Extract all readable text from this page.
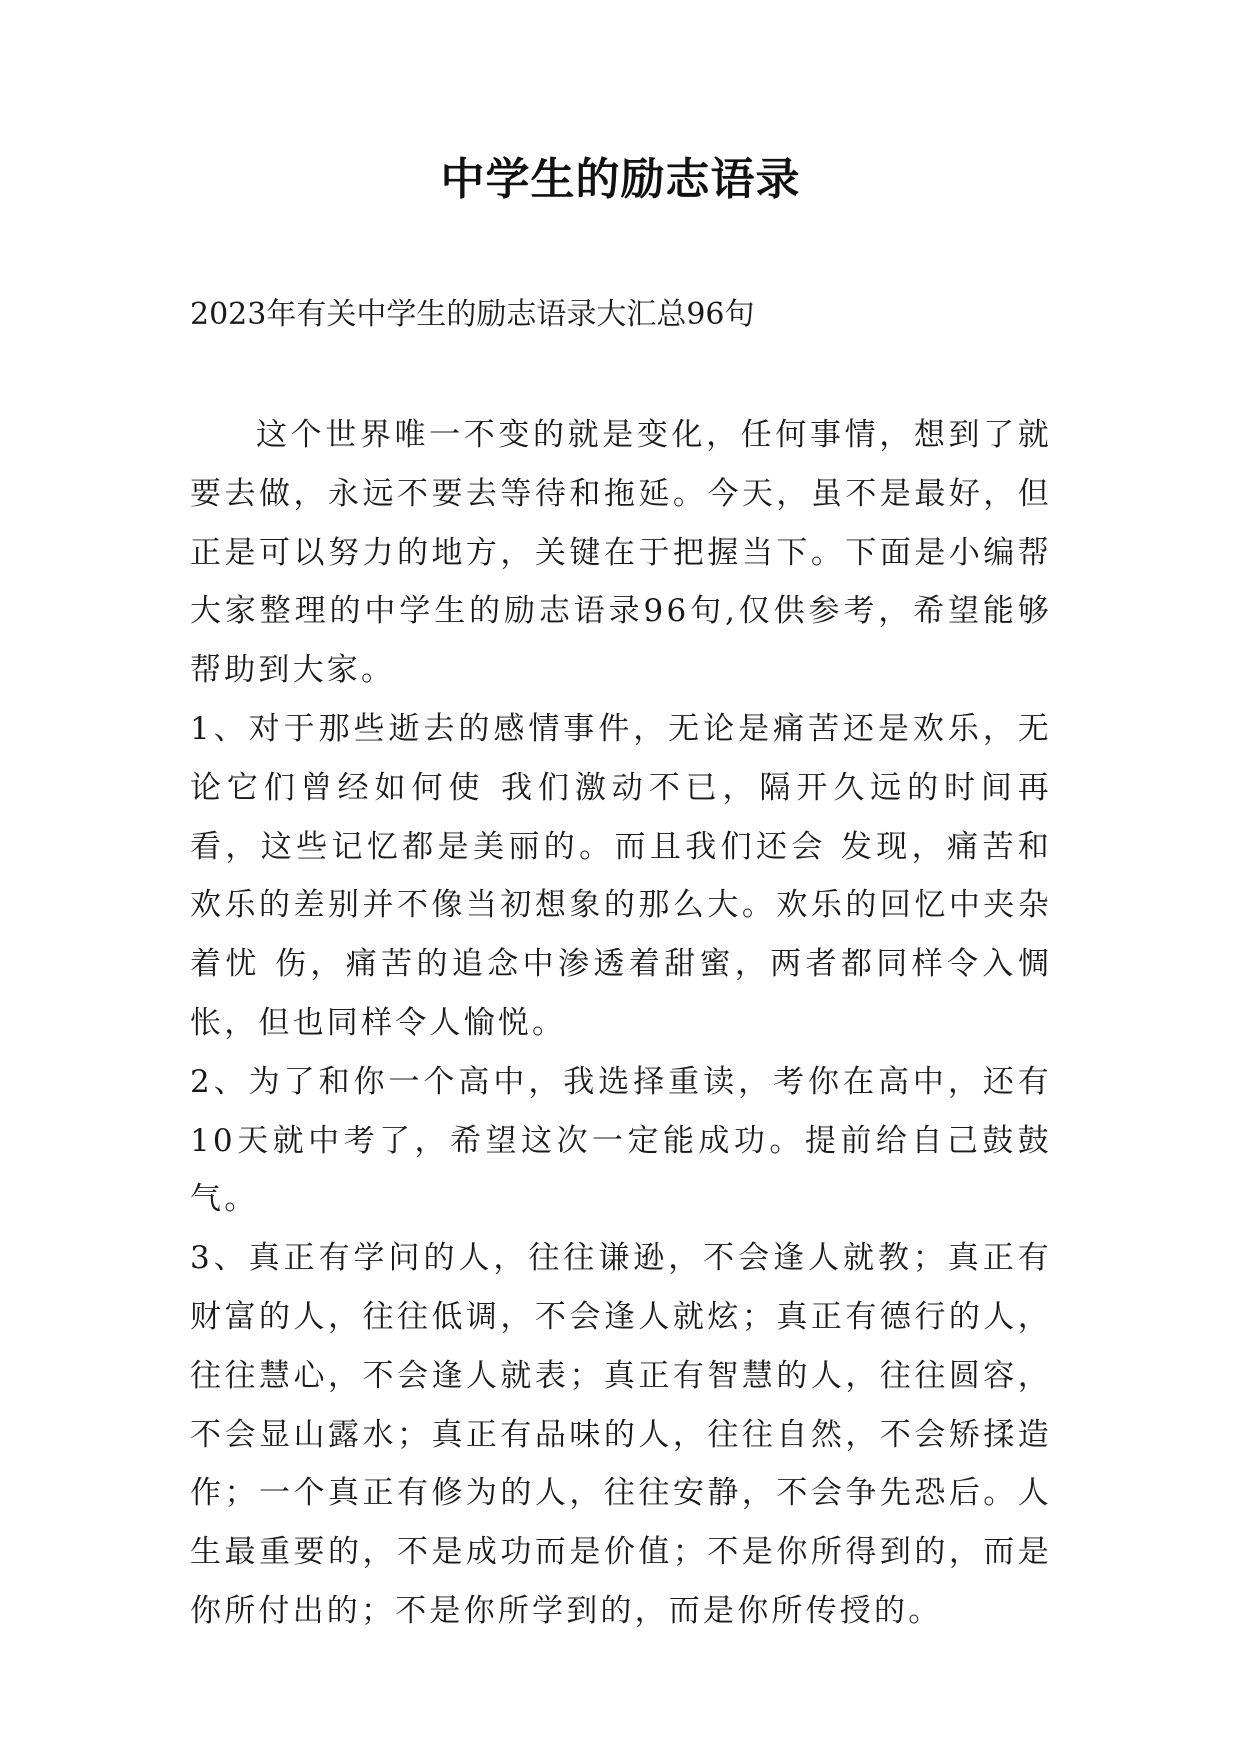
中学生的励志语录
2023年有关中学生的励志语录大汇总96句

这个世界唯一不变的就是变化，任何事情，想到了就要去做，永远不要去等待和拖延。今天，虽不是最好，但正是可以努力的地方，关键在于把握当下。下面是小编帮大家整理的中学生的励志语录96句,仅供参考，希望能够帮助到大家。

1、对于那些逝去的感情事件，无论是痛苦还是欢乐，无论它们曾经如何使 我们激动不已，隔开久远的时间再看，这些记忆都是美丽的。而且我们还会 发现，痛苦和欢乐的差别并不像当初想象的那么大。欢乐的回忆中夹杂着忧 伤，痛苦的追念中渗透着甜蜜，两者都同样令入惆怅，但也同样令人愉悦。

2、为了和你一个高中，我选择重读，考你在高中，还有10天就中考了，希望这次一定能成功。提前给自己鼓鼓气。

3、真正有学问的人，往往谦逊，不会逢人就教；真正有财富的人，往往低调，不会逢人就炫；真正有德行的人，往往慧心，不会逢人就表；真正有智慧的人，往往圆容，不会显山露水；真正有品味的人，往往自然，不会矫揉造作；一个真正有修为的人，往往安静，不会争先恐后。人生最重要的，不是成功而是价值；不是你所得到的，而是你所付出的；不是你所学到的，而是你所传授的。
